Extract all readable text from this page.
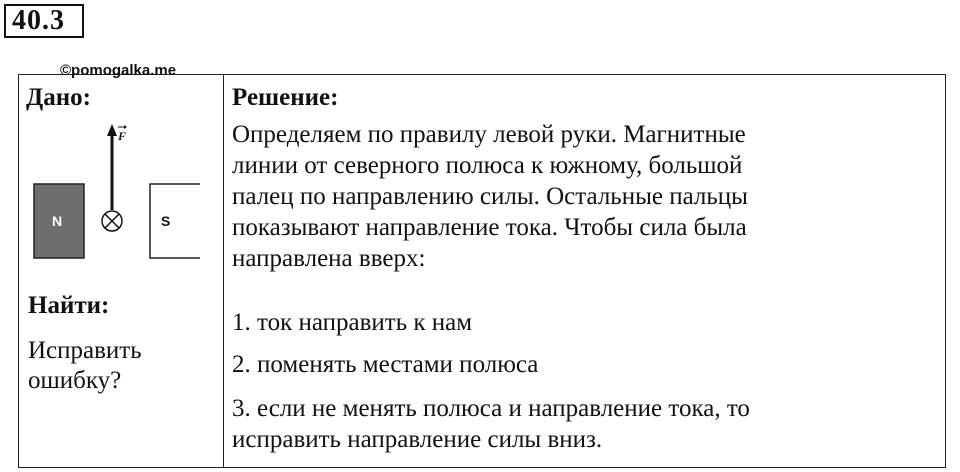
40.3
©pomogalka.me
Дано:
N	S
F
Найти:
Исправить
ошибку?
Решение:
Определяем по правилу левой руки. Магнитные
линии от северного полюса к южному, большой
палец по направлению силы. Остальные пальцы
показывают направление тока. Чтобы сила была
направлена вверх:
1. ток направить к нам
2. поменять местами полюса
3. если не менять полюса и направление тока, то
исправить направление силы вниз.
